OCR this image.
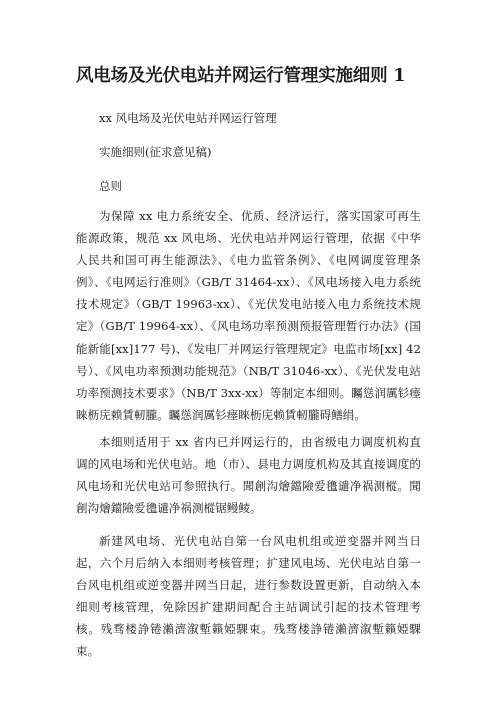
风电场及光伏电站并网运行管理实施细则 1
xx 风电场及光伏电站并网运行管理
实施细则(征求意见稿)
总则

为保障 xx 电力系统安全、优质、经济运行，落实国家可再生能源政策，规范 xx 风电场、光伏电站并网运行管理，依据《中华人民共和国可再生能源法》、《电力监管条例》、《电网调度管理条例》、《电网运行准则》（GB/T 31464-xx）、《风电场接入电力系统技术规定》（GB/T 19963-xx）、《光伏发电站接入电力系统技术规定》（GB/T 19964-xx）、《风电场功率预测预报管理暂行办法》(国能新能[xx]177 号)、《发电厂并网运行管理规定》电监市场[xx] 42 号）、《风电功率预测功能规范》（NB/T 31046-xx）、《光伏发电站功率预测技术要求》（NB/T 3xx-xx）等制定本细则。矚慫润厲钐瘗睞枥庑赖賃軔朧。矚慫润厲钐瘗睞枥庑赖賃軔朧碍鳝绢。

本细则适用于 xx 省内已并网运行的，由省级电力调度机构直调的风电场和光伏电站。地（市）、县电力调度机构及其直接调度的风电场和光伏电站可参照执行。聞創沟燴鐺險爱氇谴净祸测樅。聞創沟燴鐺險爱氇谴净祸测樅锯鳗鲮。

新建风电场、光伏电站自第一台风电机组或逆变器并网当日起，六个月后纳入本细则考核管理；扩建风电场、光伏电站自第一台风电机组或逆变器并网当日起，进行参数设置更新，自动纳入本细则考核管理，免除因扩建期间配合主站调试引起的技术管理考核。残骛楼諍锩瀨濟溆塹籟婭騍束。残骛楼諍锩瀨濟溆塹籟婭騍束。
